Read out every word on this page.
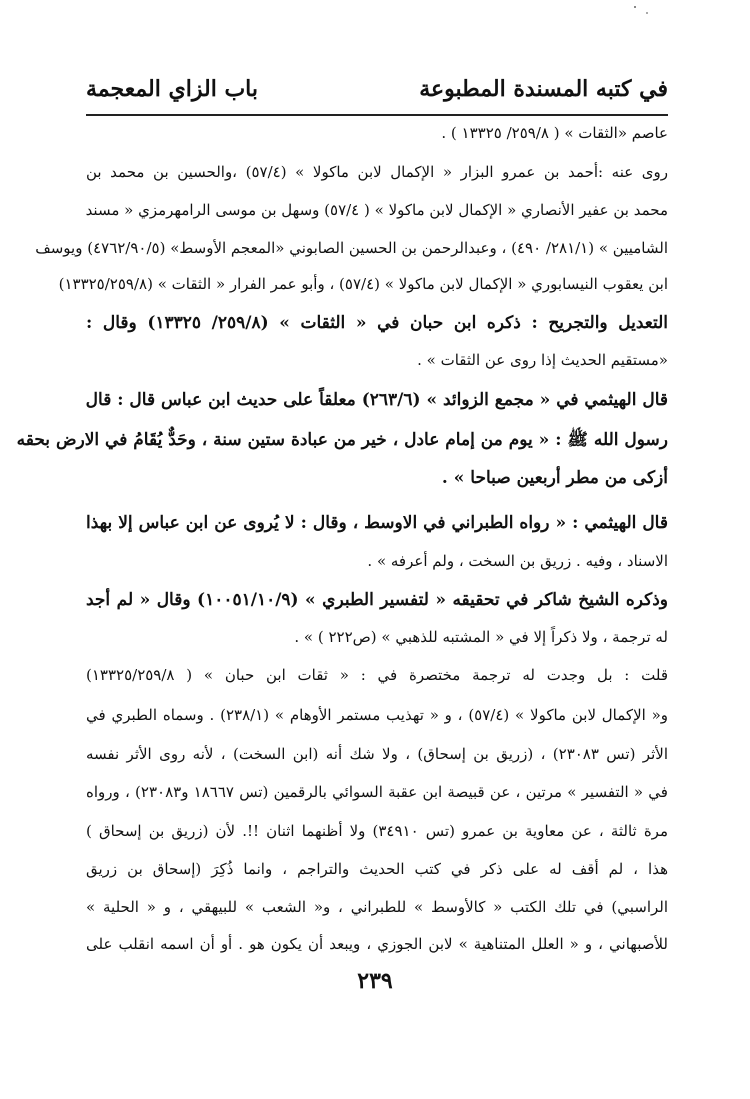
في كتبه المسندة المطبوعة
باب الزاي المعجمة
عاصم «الثقات » ( ٢٥٩/٨/ ١٣٣٢٥ ) .
روى عنه :أحمد بن عمرو البزار « الإكمال لابن ماكولا » (٥٧/٤) ،والحسين بن محمد بن
محمد بن عفير الأنصاري « الإكمال لابن ماكولا » ( ٥٧/٤) وسهل بن موسى الرامهرمزي « مسند
الشاميين » (٢٨١/١/ ٤٩٠) ، وعبدالرحمن بن الحسين الصابوني «المعجم الأوسط» (٤٧٦٢/٩٠/٥) ويوسف
ابن يعقوب النيسابوري « الإكمال لابن ماكولا » (٥٧/٤) ، وأبو عمر الفرار « الثقات » (١٣٣٢٥/٢٥٩/٨)
التعديل والتجريح : ذكره ابن حبان في « الثقات » (٢٥٩/٨/ ١٣٣٢٥) وقال :
«مستقيم الحديث إذا روى عن الثقات » .
قال الهيثمي في « مجمع الزوائد » (٢٦٣/٦) معلقاً على حديث ابن عباس قال : قال
رسول الله ﷺ : « يوم من إمام عادل ، خير من عبادة ستين سنة ، وحَدٌّ يُقَامُ في الارض بحقه
أزكى من مطر أربعين صباحا » .
قال الهيثمي : « رواه الطبراني في الاوسط ، وقال : لا يُروى عن ابن عباس إلا بهذا
الاسناد ، وفيه . زريق بن السخت ، ولم أعرفه » .
وذكره الشيخ شاكر في تحقيقه « لتفسير الطبري » (١٠٠٥١/١٠/٩) وقال « لم أجد
له ترجمة ، ولا ذكراً إلا في « المشتبه للذهبي » (ص٢٢٢ ) » .
قلت : بل وجدت له ترجمة مختصرة في : « ثقات ابن حبان » ( ١٣٣٢٥/٢٥٩/٨)
و« الإكمال لابن ماكولا » (٥٧/٤) ، و « تهذيب مستمر الأوهام » (٢٣٨/١) . وسماه الطبري في
الأثر (تس ٢٣٠٨٣) ، (زريق بن إسحاق) ، ولا شك أنه (ابن السخت) ، لأنه روى الأثر نفسه
في « التفسير » مرتين ، عن قبيصة ابن عقبة السوائي بالرقمين (تس ١٨٦٦٧ و٢٣٠٨٣) ، ورواه
مرة ثالثة ، عن معاوية بن عمرو (تس ٣٤٩١٠) ولا أظنهما اثنان !!. لأن (زريق بن إسحاق )
هذا ، لم أقف له على ذكر في كتب الحديث والتراجم ، وانما ذُكِرَ (إسحاق بن زريق
الراسبي) في تلك الكتب « كالأوسط » للطبراني ، و« الشعب » للبيهقي ، و « الحلية »
للأصبهاني ، و « العلل المتناهية » لابن الجوزي ، ويبعد أن يكون هو . أو أن اسمه انقلب على
٢٣٩
